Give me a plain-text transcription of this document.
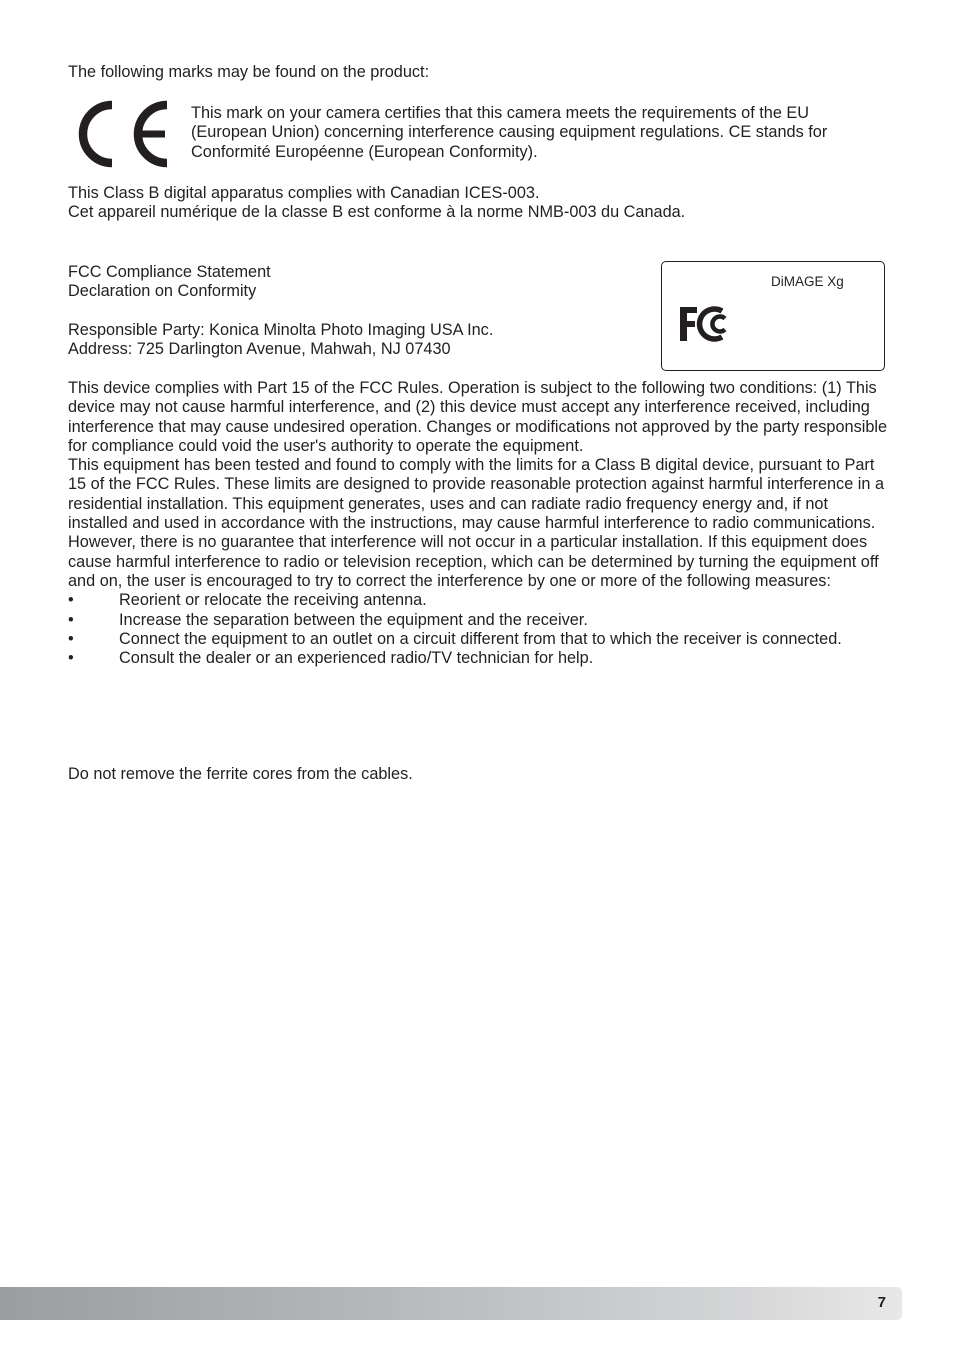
The following marks may be found on the product:

This mark on your camera certifies that this camera meets the requirements of the EU (European Union) concerning interference causing equipment regulations. CE stands for Conformité Européenne (European Conformity).

This Class B digital apparatus complies with Canadian ICES-003.

Cet appareil numérique de la classe B est conforme à la norme NMB-003 du Canada.

FCC Compliance Statement

Declaration on Conformity

Responsible Party: Konica Minolta Photo Imaging USA Inc.

Address: 725 Darlington Avenue, Mahwah, NJ 07430

DiMAGE Xg

This device complies with Part 15 of the FCC Rules. Operation is subject to the following two conditions: (1) This device may not cause harmful interference, and (2) this device must accept any interference received, including interference that may cause undesired operation. Changes or modifications not approved by the party responsible for compliance could void the user's authority to operate the equipment.

This equipment has been tested and found to comply with the limits for a Class B digital device, pursuant to Part 15 of the FCC Rules. These limits are designed to provide reasonable protection against harmful interference in a residential installation. This equipment generates, uses and can radiate radio frequency energy and, if not installed and used in accordance with the instructions, may cause harmful interference to radio communications. However, there is no guarantee that interference will not occur in a particular installation. If this equipment does cause harmful interference to radio or television reception, which can be determined by turning the equipment off and on, the user is encouraged to try to correct the interference by one or more of the following measures:

•	Reorient or relocate the receiving antenna.
•	Increase the separation between the equipment and the receiver.
•	Connect the equipment to an outlet on a circuit different from that to which the receiver is connected.
•	Consult the dealer or an experienced radio/TV technician for help.

Do not remove the ferrite cores from the cables.

7
